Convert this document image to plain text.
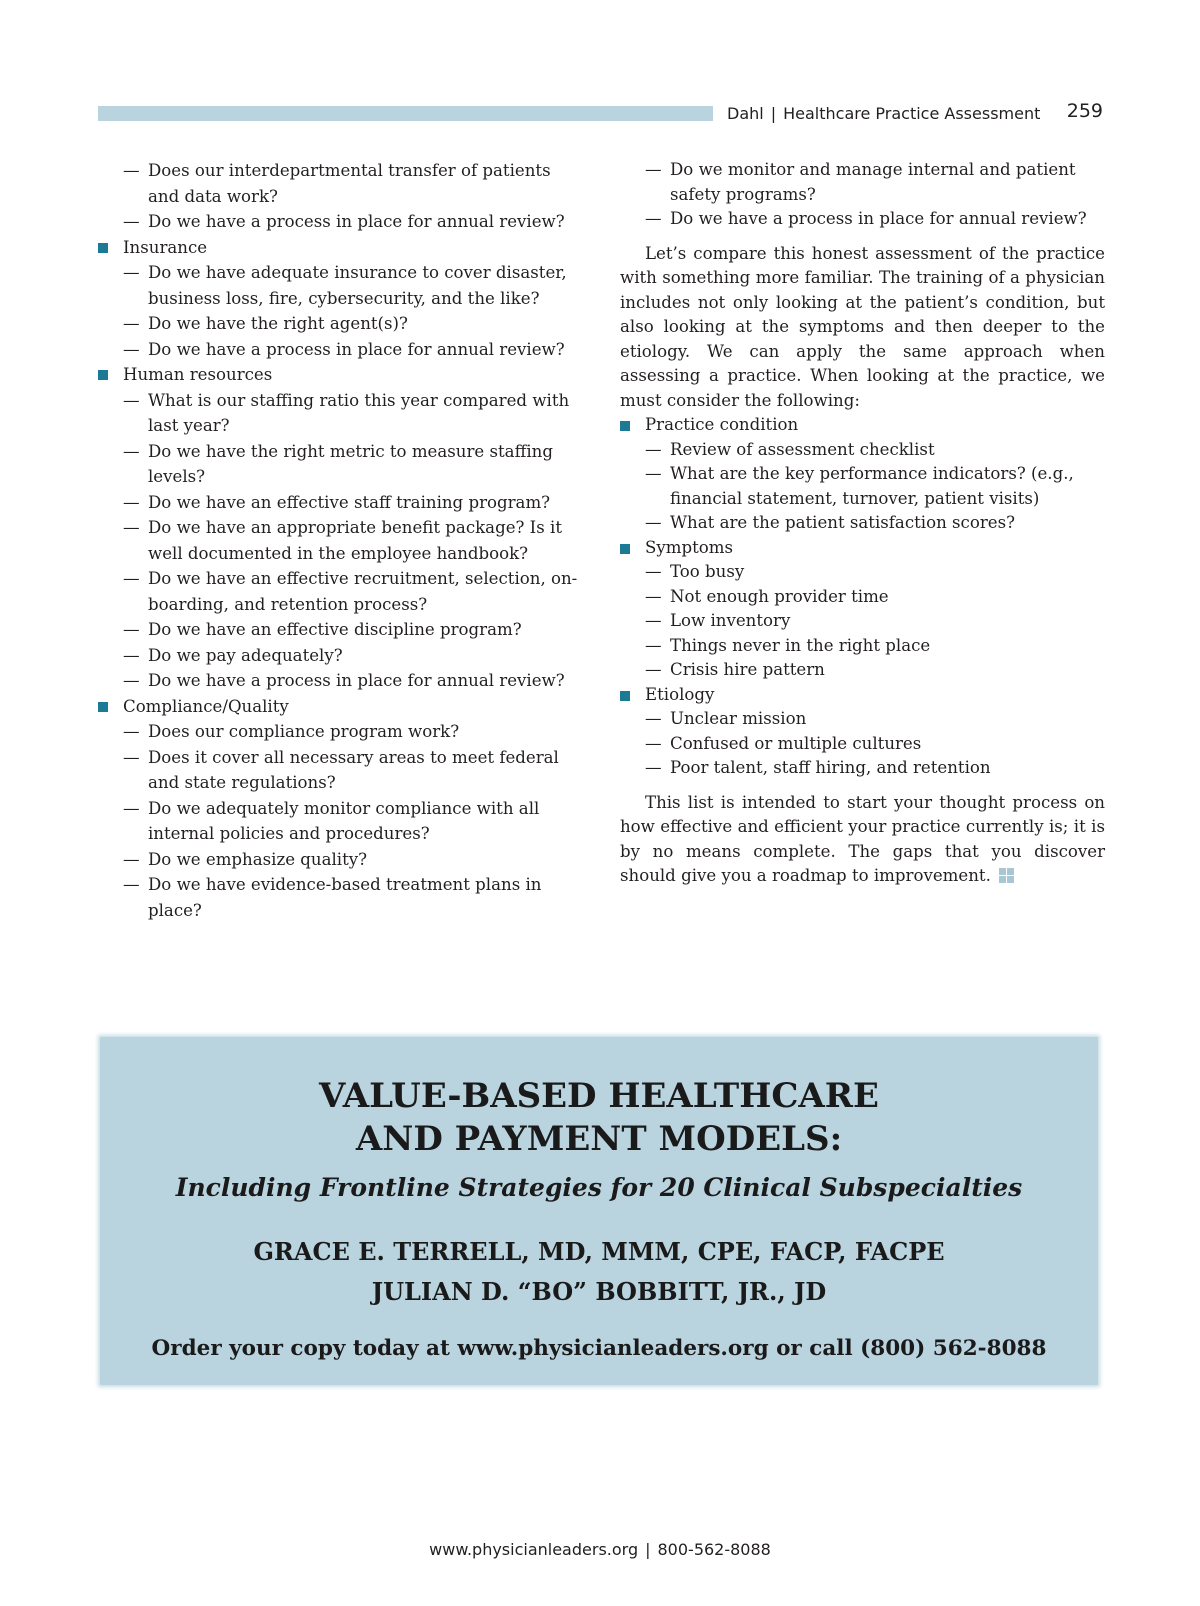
Dahl | Healthcare Practice Assessment	259
— Does our interdepartmental transfer of patients and data work?
— Do we have a process in place for annual review?
Insurance
— Do we have adequate insurance to cover disaster, business loss, fire, cybersecurity, and the like?
— Do we have the right agent(s)?
— Do we have a process in place for annual review?
Human resources
— What is our staffing ratio this year compared with last year?
— Do we have the right metric to measure staffing levels?
— Do we have an effective staff training program?
— Do we have an appropriate benefit package? Is it well documented in the employee handbook?
— Do we have an effective recruitment, selection, on-boarding, and retention process?
— Do we have an effective discipline program?
— Do we pay adequately?
— Do we have a process in place for annual review?
Compliance/Quality
— Does our compliance program work?
— Does it cover all necessary areas to meet federal and state regulations?
— Do we adequately monitor compliance with all internal policies and procedures?
— Do we emphasize quality?
— Do we have evidence-based treatment plans in place?
— Do we monitor and manage internal and patient safety programs?
— Do we have a process in place for annual review?

Let’s compare this honest assessment of the practice with something more familiar. The training of a physician includes not only looking at the patient’s condition, but also looking at the symptoms and then deeper to the etiology. We can apply the same approach when assessing a practice. When looking at the practice, we must consider the following:

Practice condition
— Review of assessment checklist
— What are the key performance indicators? (e.g., financial statement, turnover, patient visits)
— What are the patient satisfaction scores?
Symptoms
— Too busy
— Not enough provider time
— Low inventory
— Things never in the right place
— Crisis hire pattern
Etiology
— Unclear mission
— Confused or multiple cultures
— Poor talent, staff hiring, and retention

This list is intended to start your thought process on how effective and efficient your practice currently is; it is by no means complete. The gaps that you discover should give you a roadmap to improvement.

VALUE-BASED HEALTHCARE
AND PAYMENT MODELS:
Including Frontline Strategies for 20 Clinical Subspecialties
GRACE E. TERRELL, MD, MMM, CPE, FACP, FACPE
JULIAN D. “BO” BOBBITT, JR., JD
Order your copy today at www.physicianleaders.org or call (800) 562-8088
www.physicianleaders.org | 800-562-8088
